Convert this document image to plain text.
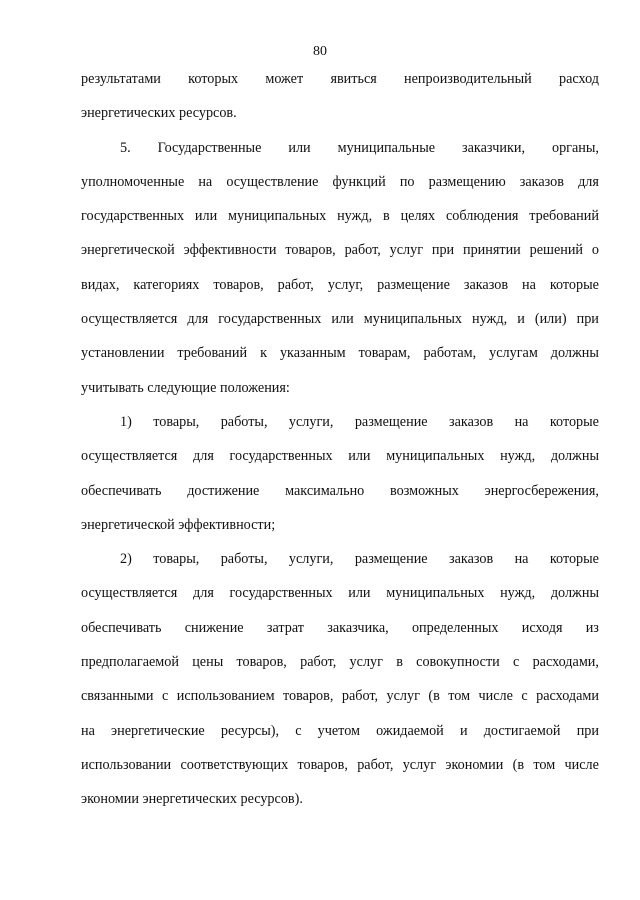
80
результатами которых может явиться непроизводительный расход
энергетических ресурсов.
5. Государственные или муниципальные заказчики, органы,
уполномоченные на осуществление функций по размещению заказов для
государственных или муниципальных нужд, в целях соблюдения требований
энергетической эффективности товаров, работ, услуг при принятии решений о
видах, категориях товаров, работ, услуг, размещение заказов на которые
осуществляется для государственных или муниципальных нужд, и (или) при
установлении требований к указанным товарам, работам, услугам должны
учитывать следующие положения:
1) товары, работы, услуги, размещение заказов на которые
осуществляется для государственных или муниципальных нужд, должны
обеспечивать достижение максимально возможных энергосбережения,
энергетической эффективности;
2) товары, работы, услуги, размещение заказов на которые
осуществляется для государственных или муниципальных нужд, должны
обеспечивать снижение затрат заказчика, определенных исходя из
предполагаемой цены товаров, работ, услуг в совокупности с расходами,
связанными с использованием товаров, работ, услуг (в том числе с расходами
на энергетические ресурсы), с учетом ожидаемой и достигаемой при
использовании соответствующих товаров, работ, услуг экономии (в том числе
экономии энергетических ресурсов).
